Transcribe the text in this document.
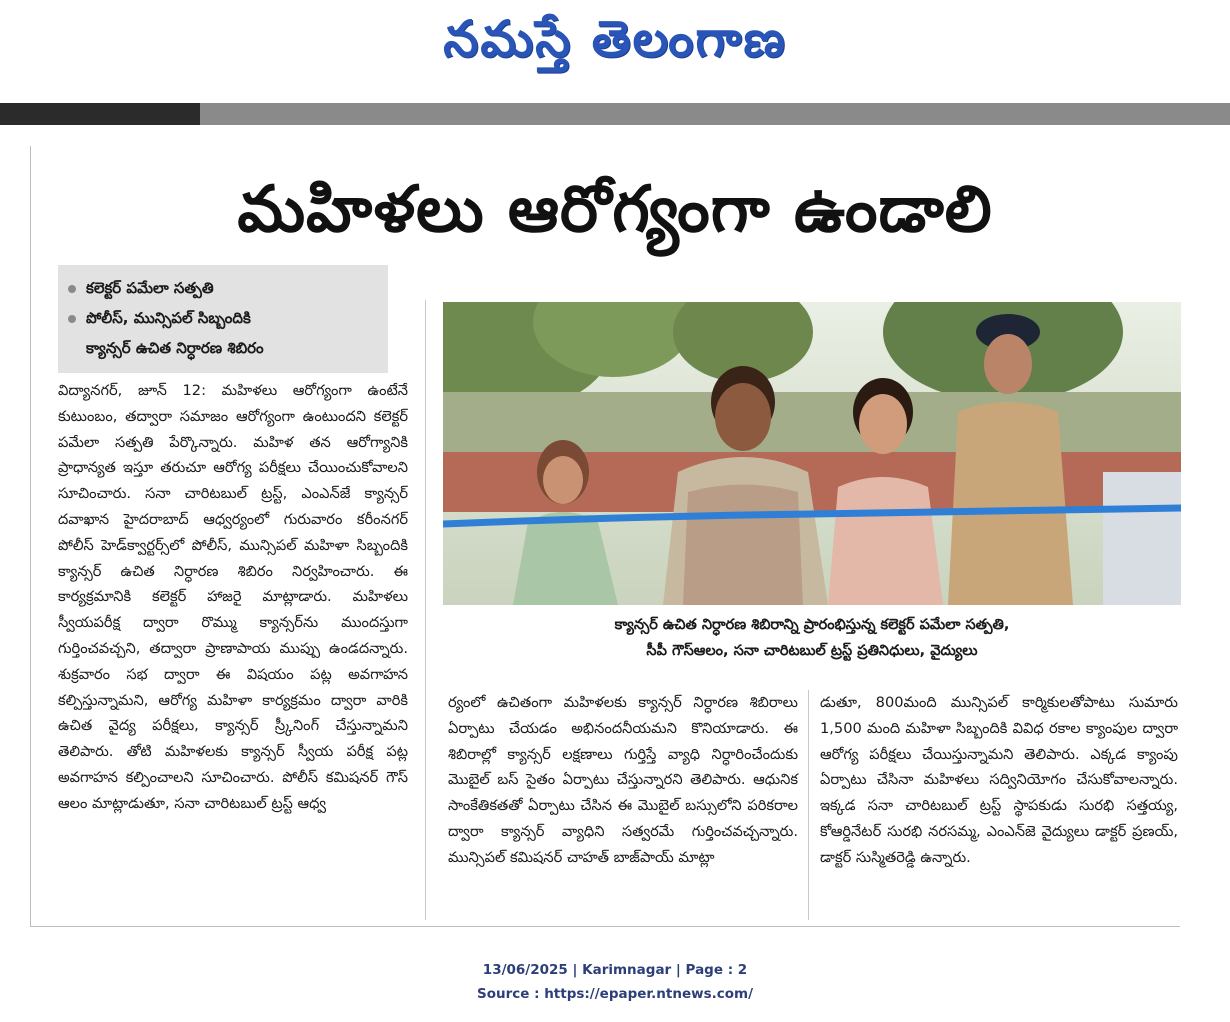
నమస్తే తెలంగాణ
మహిళలు ఆరోగ్యంగా ఉండాలి
కలెక్టర్ పమేలా సత్పతి
పోలీస్, మున్సిపల్ సిబ్బందికి
క్యాన్సర్ ఉచిత నిర్ధారణ శిబిరం
విద్యానగర్, జూన్ 12: మహిళలు ఆరోగ్యంగా ఉంటేనే కుటుంబం, తద్వారా సమాజం ఆరోగ్యంగా ఉంటుందని కలెక్టర్ పమేలా సత్పతి పేర్కొన్నారు. మహిళ తన ఆరోగ్యానికి ప్రాధాన్యత ఇస్తూ తరుచూ ఆరోగ్య పరీక్షలు చేయించుకోవాలని సూచించారు. సనా చారిటబుల్ ట్రస్ట్, ఎంఎన్‌జే క్యాన్సర్ దవాఖాన హైదరాబాద్ ఆధ్వర్యంలో గురువారం కరీంనగర్ పోలీస్ హెడ్‌క్వార్టర్స్‌లో పోలీస్, మున్సిపల్ మహిళా సిబ్బందికి క్యాన్సర్ ఉచిత నిర్ధారణ శిబిరం నిర్వహించారు. ఈ కార్యక్రమానికి కలెక్టర్ హాజరై మాట్లాడారు. మహిళలు స్వీయపరీక్ష ద్వారా రొమ్ము క్యాన్సర్‌ను ముందస్తుగా గుర్తించవచ్చని, తద్వారా ప్రాణాపాయ ముప్పు ఉండదన్నారు. శుక్రవారం సభ ద్వారా ఈ విషయం పట్ల అవగాహన కల్పిస్తున్నామని, ఆరోగ్య మహిళా కార్యక్రమం ద్వారా వారికి ఉచిత వైద్య పరీక్షలు, క్యాన్సర్ స్ర్కీనింగ్ చేస్తున్నామని తెలిపారు. తోటి మహిళలకు క్యాన్సర్ స్వీయ పరీక్ష పట్ల అవగాహన కల్పించాలని సూచించారు. పోలీస్ కమిషనర్ గౌస్ ఆలం మాట్లాడుతూ, సనా చారిటబుల్ ట్రస్ట్ ఆధ్వ
క్యాన్సర్ ఉచిత నిర్ధారణ శిబిరాన్ని ప్రారంభిస్తున్న కలెక్టర్ పమేలా సత్పతి,
సీపీ గౌస్‌ఆలం, సనా చారిటబుల్ ట్రస్ట్ ప్రతినిధులు, వైద్యులు
ర్యంలో ఉచితంగా మహిళలకు క్యాన్సర్ నిర్ధారణ శిబిరాలు ఏర్పాటు చేయడం అభినందనీయమని కొనియాడారు. ఈ శిబిరాల్లో క్యాన్సర్ లక్షణాలు గుర్తిస్తే వ్యాధి నిర్ధారించేందుకు మొబైల్ బస్ సైతం ఏర్పాటు చేస్తున్నారని తెలిపారు. ఆధునిక సాంకేతికతతో ఏర్పాటు చేసిన ఈ మొబైల్ బస్సులోని పరికరాల ద్వారా క్యాన్సర్ వ్యాధిని సత్వరమే గుర్తించవచ్చన్నారు. మున్సిపల్ కమిషనర్ చాహత్ బాజ్‌పాయ్ మాట్లా
డుతూ, 800మంది మున్సిపల్ కార్మికులతోపాటు సుమారు 1,500 మంది మహిళా సిబ్బందికి వివిధ రకాల క్యాంపుల ద్వారా ఆరోగ్య పరీక్షలు చేయిస్తున్నామని తెలిపారు. ఎక్కడ క్యాంపు ఏర్పాటు చేసినా మహిళలు సద్వినియోగం చేసుకోవాలన్నారు. ఇక్కడ సనా చారిటబుల్ ట్రస్ట్ స్థాపకుడు సురభి సత్తయ్య, కోఆర్డినేటర్ సురభి నరసమ్మ, ఎంఎన్‌జె వైద్యులు డాక్టర్ ప్రణయ్, డాక్టర్ సుస్మితరెడ్డి ఉన్నారు.
13/06/2025 | Karimnagar | Page : 2
Source : https://epaper.ntnews.com/
